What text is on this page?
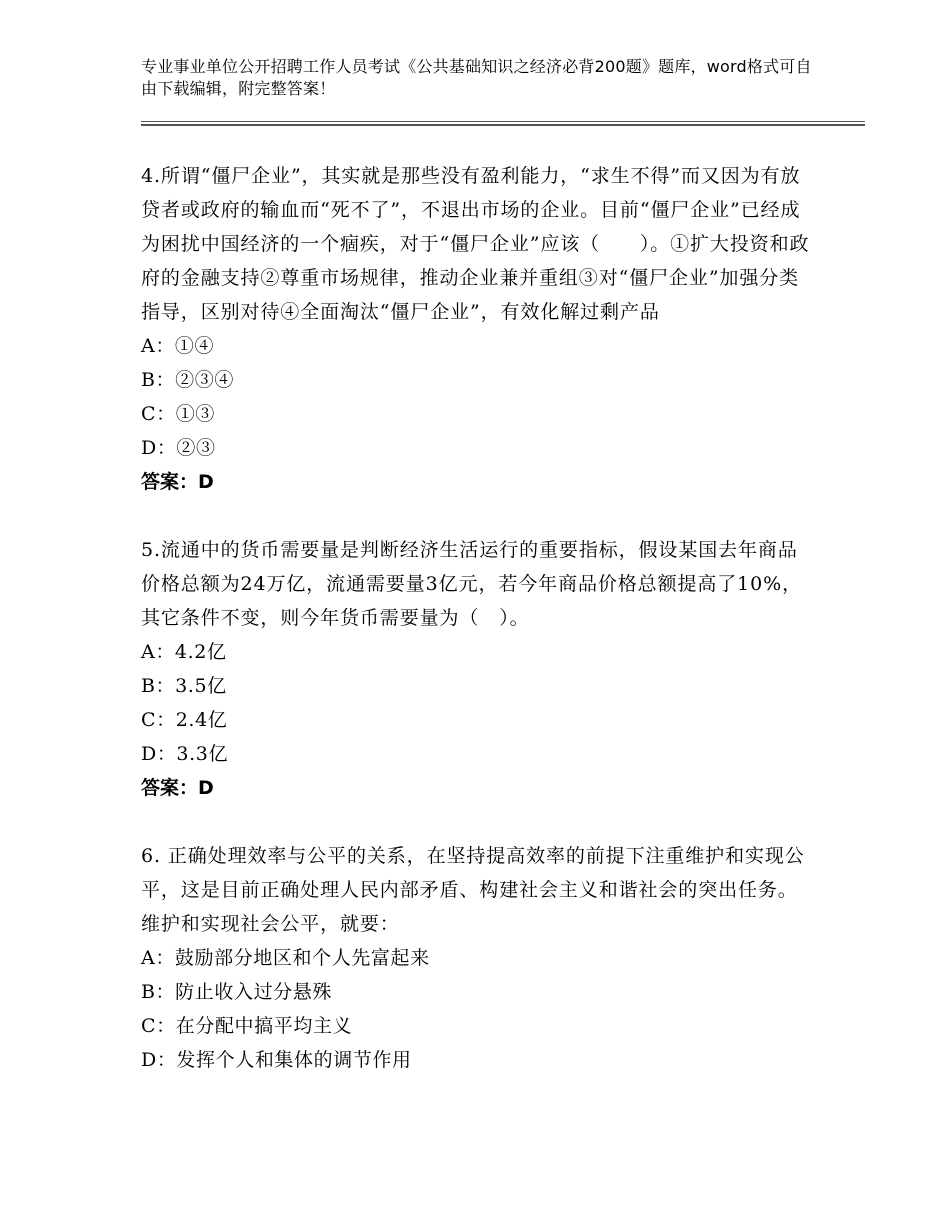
专业事业单位公开招聘工作人员考试《公共基础知识之经济必背200题》题库，word格式可自由下载编辑，附完整答案！

4.所谓“僵尸企业”，其实就是那些没有盈利能力，“求生不得”而又因为有放贷者或政府的输血而“死不了”，不退出市场的企业。目前“僵尸企业”已经成为困扰中国经济的一个痼疾，对于“僵尸企业”应该（　　）。①扩大投资和政府的金融支持②尊重市场规律，推动企业兼并重组③对“僵尸企业”加强分类指导，区别对待④全面淘汰“僵尸企业”，有效化解过剩产品

A：①④
B：②③④
C：①③
D：②③
答案：D

5.流通中的货币需要量是判断经济生活运行的重要指标，假设某国去年商品价格总额为24万亿，流通需要量3亿元，若今年商品价格总额提高了10%，其它条件不变，则今年货币需要量为（　）。

A：4.2亿
B：3.5亿
C：2.4亿
D：3.3亿
答案：D

6. 正确处理效率与公平的关系，在坚持提高效率的前提下注重维护和实现公平，这是目前正确处理人民内部矛盾、构建社会主义和谐社会的突出任务。维护和实现社会公平，就要：

A：鼓励部分地区和个人先富起来
B：防止收入过分悬殊
C：在分配中搞平均主义
D：发挥个人和集体的调节作用
